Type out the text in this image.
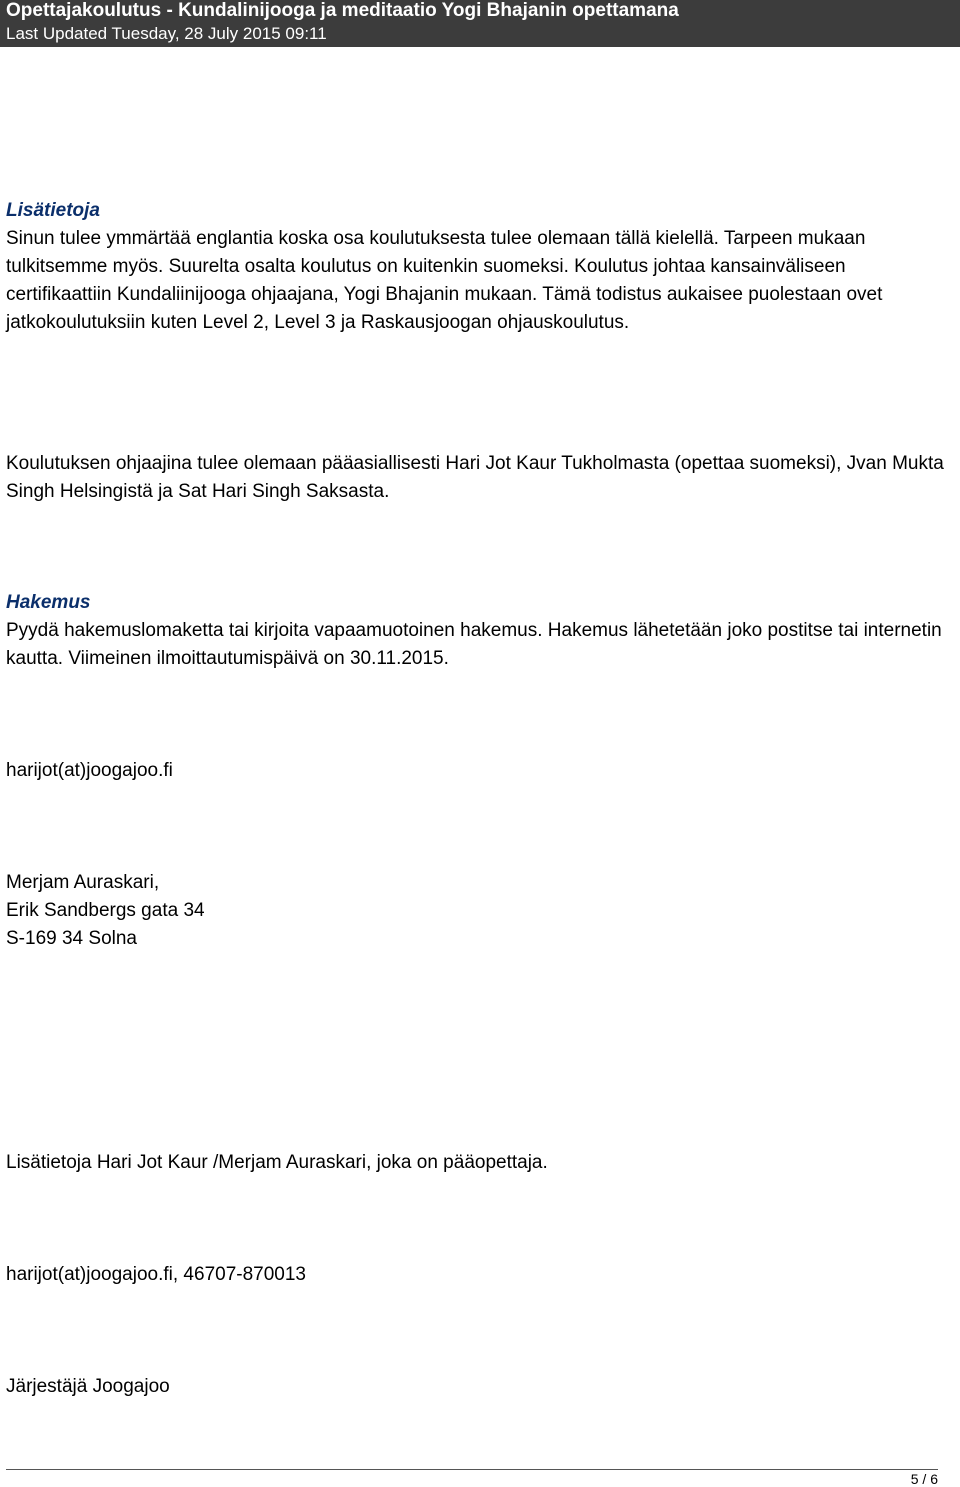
Opettajakoulutus - Kundalinijooga ja meditaatio Yogi Bhajanin opettamana
Last Updated Tuesday, 28 July 2015 09:11

Lisätietoja

Sinun tulee ymmärtää englantia koska osa koulutuksesta tulee olemaan tällä kielellä. Tarpeen mukaan tulkitsemme myös. Suurelta osalta koulutus on kuitenkin suomeksi. Koulutus johtaa kansainväliseen certifikaattiin Kundaliinijooga ohjaajana, Yogi Bhajanin mukaan. Tämä todistus aukaisee puolestaan ovet jatkokoulutuksiin kuten Level 2, Level 3 ja Raskausjoogan ohjauskoulutus.

Koulutuksen ohjaajina tulee olemaan pääasiallisesti Hari Jot Kaur Tukholmasta (opettaa suomeksi), Jvan Mukta Singh Helsingistä ja Sat Hari Singh Saksasta.

Hakemus

Pyydä hakemuslomaketta tai kirjoita vapaamuotoinen hakemus. Hakemus lähetetään joko postitse tai internetin kautta. Viimeinen ilmoittautumispäivä on 30.11.2015.

harijot(at)joogajoo.fi

Merjam Auraskari,

Erik Sandbergs gata 34

S-169 34 Solna

Lisätietoja Hari Jot Kaur /Merjam Auraskari, joka on pääopettaja.

harijot(at)joogajoo.fi, 46707-870013

Järjestäjä Joogajoo

5 / 6
